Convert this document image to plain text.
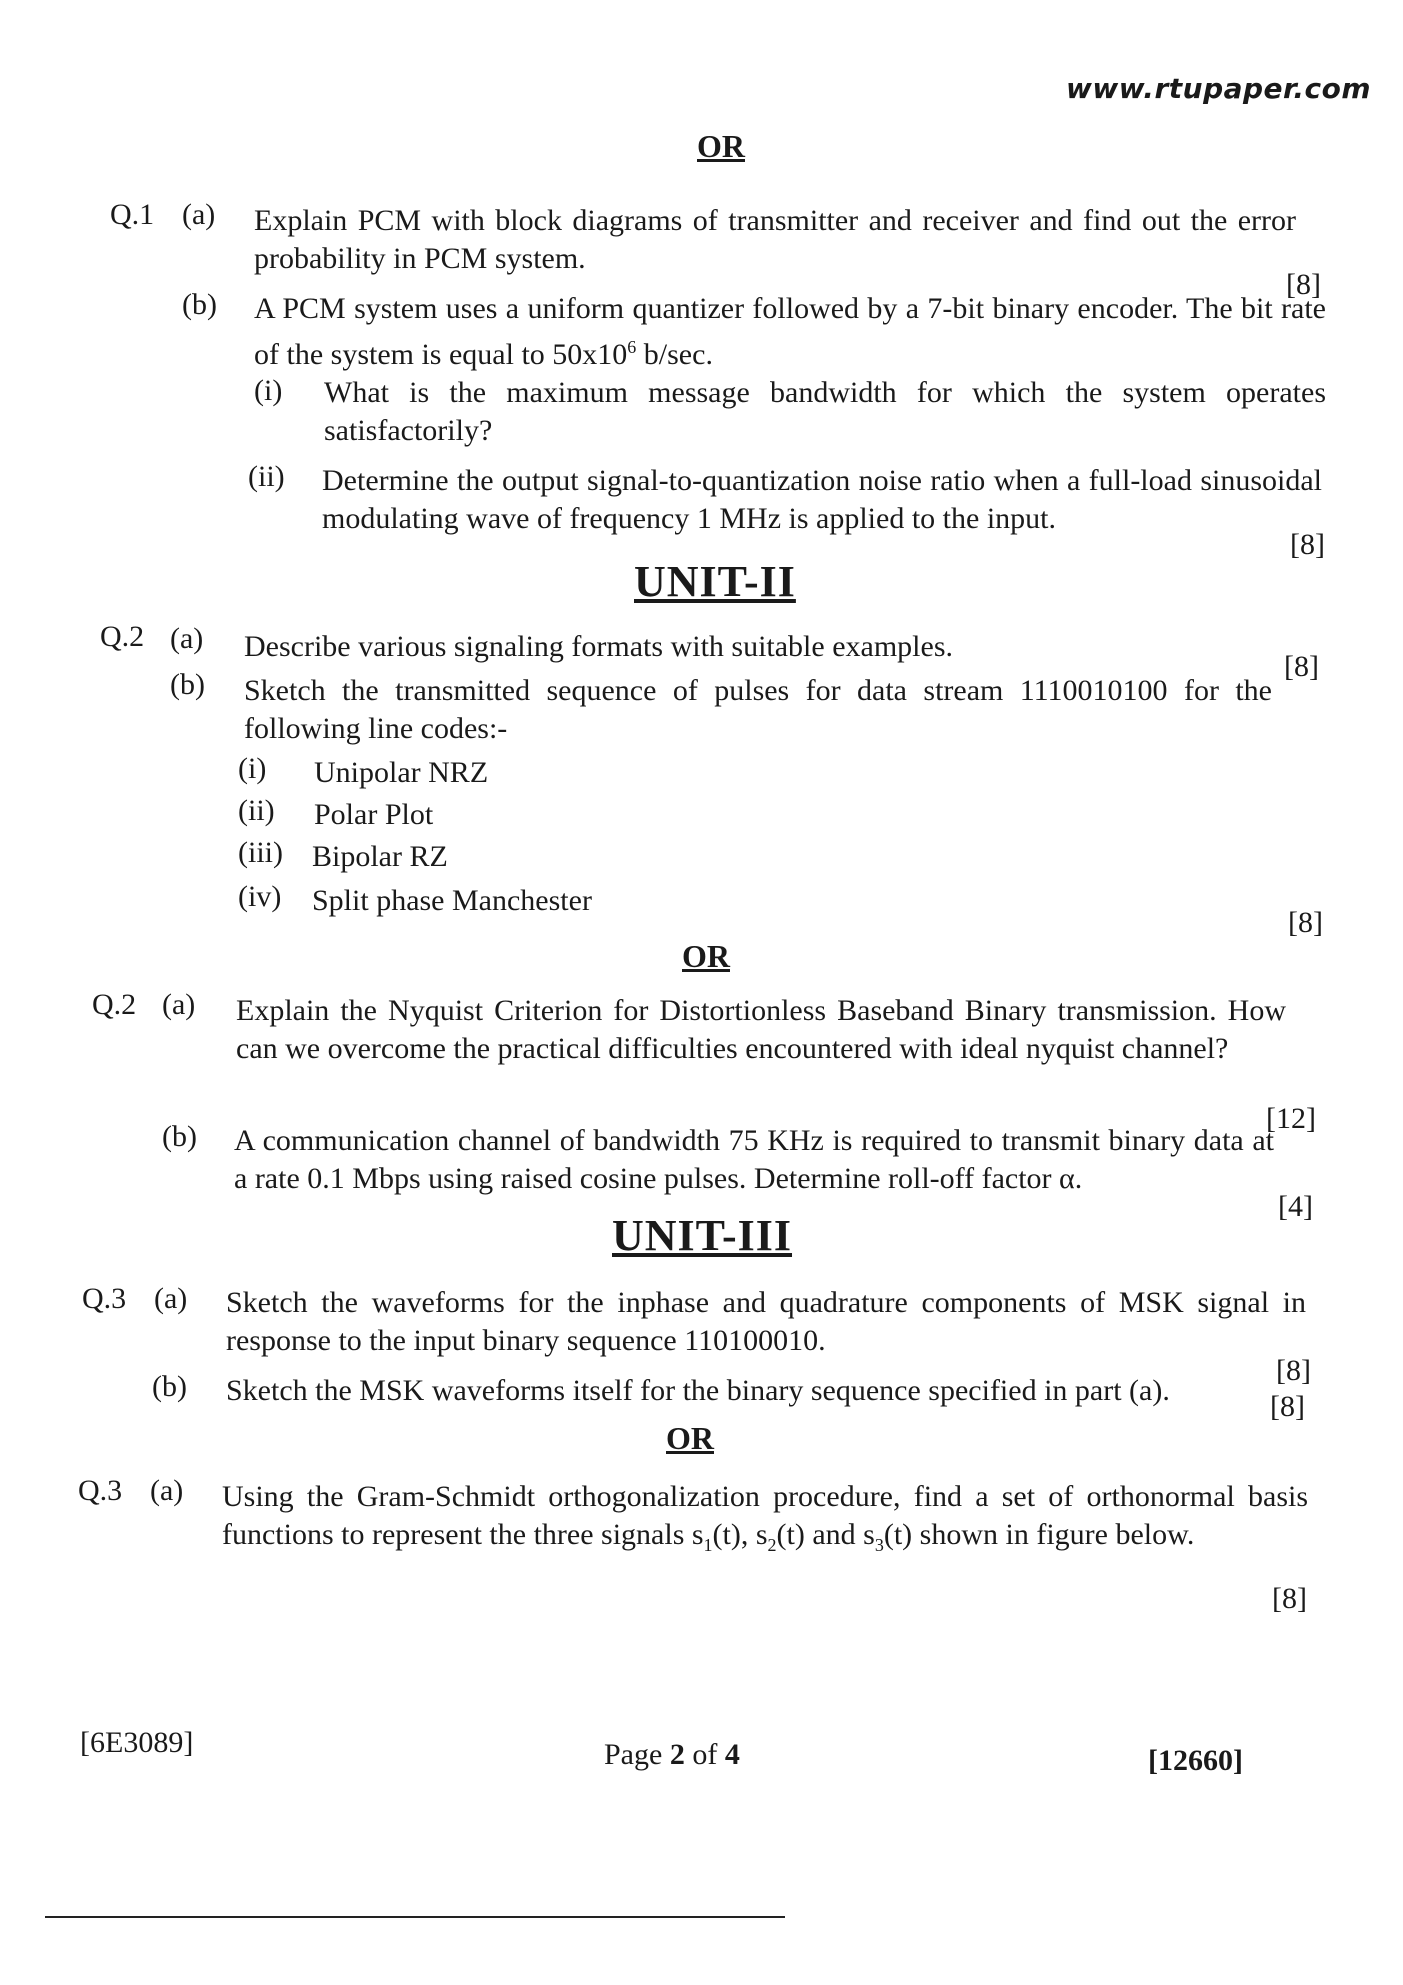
www.rtupaper.com
OR
Q.1 (a) Explain PCM with block diagrams of transmitter and receiver and find out the error probability in PCM system.
[8]
(b) A PCM system uses a uniform quantizer followed by a 7-bit binary encoder. The bit rate of the system is equal to $50x10^6$ b/sec.
(i) What is the maximum message bandwidth for which the system operates satisfactorily?
(ii) Determine the output signal-to-quantization noise ratio when a full-load sinusoidal modulating wave of frequency 1 MHz is applied to the input.
[8]
UNIT-II
Q.2 (a) Describe various signaling formats with suitable examples.
[8]
(b) Sketch the transmitted sequence of pulses for data stream 1110010100 for the following line codes:-
(i) Unipolar NRZ
(ii) Polar Plot
(iii) Bipolar RZ
(iv) Split phase Manchester
[8]
OR
Q.2 (a) Explain the Nyquist Criterion for Distortionless Baseband Binary transmission. How can we overcome the practical difficulties encountered with ideal nyquist channel?
[12]
(b) A communication channel of bandwidth 75 KHz is required to transmit binary data at a rate 0.1 Mbps using raised cosine pulses. Determine roll-off factor α.
[4]
UNIT-III
Q.3 (a) Sketch the waveforms for the inphase and quadrature components of MSK signal in response to the input binary sequence 110100010.
[8]
(b) Sketch the MSK waveforms itself for the binary sequence specified in part (a).	[8]
OR
Q.3 (a) Using the Gram-Schmidt orthogonalization procedure, find a set of orthonormal basis functions to represent the three signals $s_1(t)$, $s_2(t)$ and $s_3(t)$ shown in figure below.
[8]
[6E3089]	Page 2 of 4	[12660]
